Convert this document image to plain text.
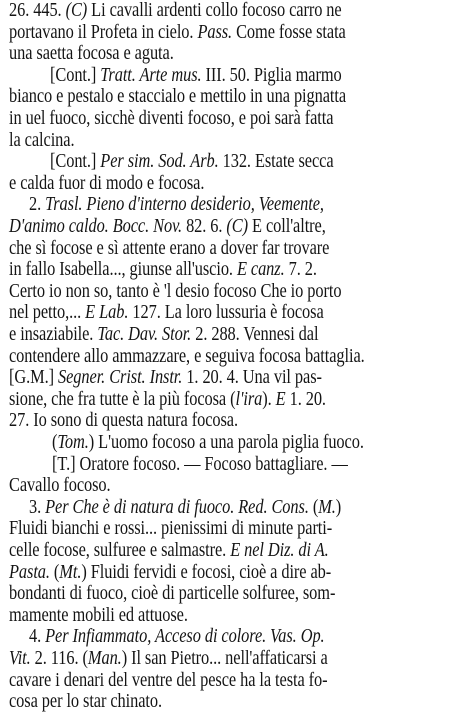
26. 445. (C) Li cavalli ardenti collo focoso carro ne
portavano il Profeta in cielo. Pass. Come fosse stata
una saetta focosa e aguta.
[Cont.] Tratt. Arte mus. III. 50. Piglia marmo
bianco e pestalo e staccialo e mettilo in una pignatta
in uel fuoco, sicchè diventi focoso, e poi sarà fatta
la calcina.
[Cont.] Per sim. Sod. Arb. 132. Estate secca
e calda fuor di modo e focosa.
2. Trasl. Pieno d'interno desiderio, Veemente,
D'animo caldo. Bocc. Nov. 82. 6. (C) E coll'altre,
che sì focose e sì attente erano a dover far trovare
in fallo Isabella..., giunse all'uscio. E canz. 7. 2.
Certo io non so, tanto è 'l desio focoso Che io porto
nel petto,... E Lab. 127. La loro lussuria è focosa
e insaziabile. Tac. Dav. Stor. 2. 288. Vennesi dal
contendere allo ammazzare, e seguiva focosa battaglia.
[G.M.] Segner. Crist. Instr. 1. 20. 4. Una vil pas-
sione, che fra tutte è la più focosa (l'ira). E 1. 20.
27. Io sono di questa natura focosa.
(Tom.) L'uomo focoso a una parola piglia fuoco.
[T.] Oratore focoso. — Focoso battagliare. —
Cavallo focoso.
3. Per Che è di natura di fuoco. Red. Cons. (M.)
Fluidi bianchi e rossi... pienissimi di minute parti-
celle focose, sulfuree e salmastre. E nel Diz. di A.
Pasta. (Mt.) Fluidi fervidi e focosi, cioè a dire ab-
bondanti di fuoco, cioè di particelle solfuree, som-
mamente mobili ed attuose.
4. Per Infiammato, Acceso di colore. Vas. Op.
Vit. 2. 116. (Man.) Il san Pietro... nell'affaticarsi a
cavare i denari del ventre del pesce ha la testa fo-
cosa per lo star chinato.
